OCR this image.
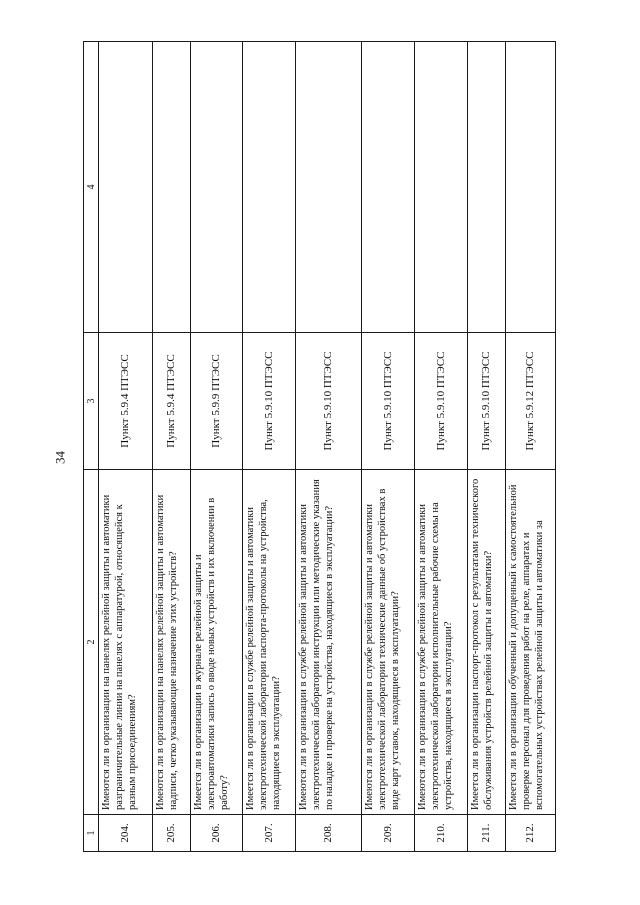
34
1	2	3	4
204.	Имеются ли в организации на панелях релейной защиты и автоматики разграничительные линии на панелях с аппаратурой, относящейся к разным присоединениям?	Пункт 5.9.4 ПТЭСС	
205.	Имеются ли в организации на панелях релейной защиты и автоматики надписи, четко указывающие назначение этих устройств?	Пункт 5.9.4 ПТЭСС	
206.	Имеется ли в организации в журнале релейной защиты и электроавтоматики запись о вводе новых устройств и их включении в работу?	Пункт 5.9.9 ПТЭСС	
207.	Имеется ли в организации в службе релейной защиты и автоматики электротехнической лаборатории паспорта-протоколы на устройства, находящиеся в эксплуатации?	Пункт 5.9.10 ПТЭСС	
208.	Имеются ли в организации в службе релейной защиты и автоматики электротехнической лаборатории инструкции или методические указания по наладке и проверке на устройства, находящиеся в эксплуатации?	Пункт 5.9.10 ПТЭСС	
209.	Имеются ли в организации в службе релейной защиты и автоматики электротехнической лаборатории технические данные об устройствах в виде карт уставок, находящиеся в эксплуатации?	Пункт 5.9.10 ПТЭСС	
210.	Имеются ли в организации в службе релейной защиты и автоматики электротехнической лаборатории исполнительные рабочие схемы на устройства, находящиеся в эксплуатации?	Пункт 5.9.10 ПТЭСС	
211.	Имеется ли в организации паспорт-протокол с результатами технического обслуживания устройств релейной защиты и автоматики?	Пункт 5.9.10 ПТЭСС	
212.	Имеется ли в организации обученный и допущенный к самостоятельной проверке персонал для проведения работ на реле, аппаратах и вспомогательных устройствах релейной защиты и автоматики за	Пункт 5.9.12 ПТЭСС	
